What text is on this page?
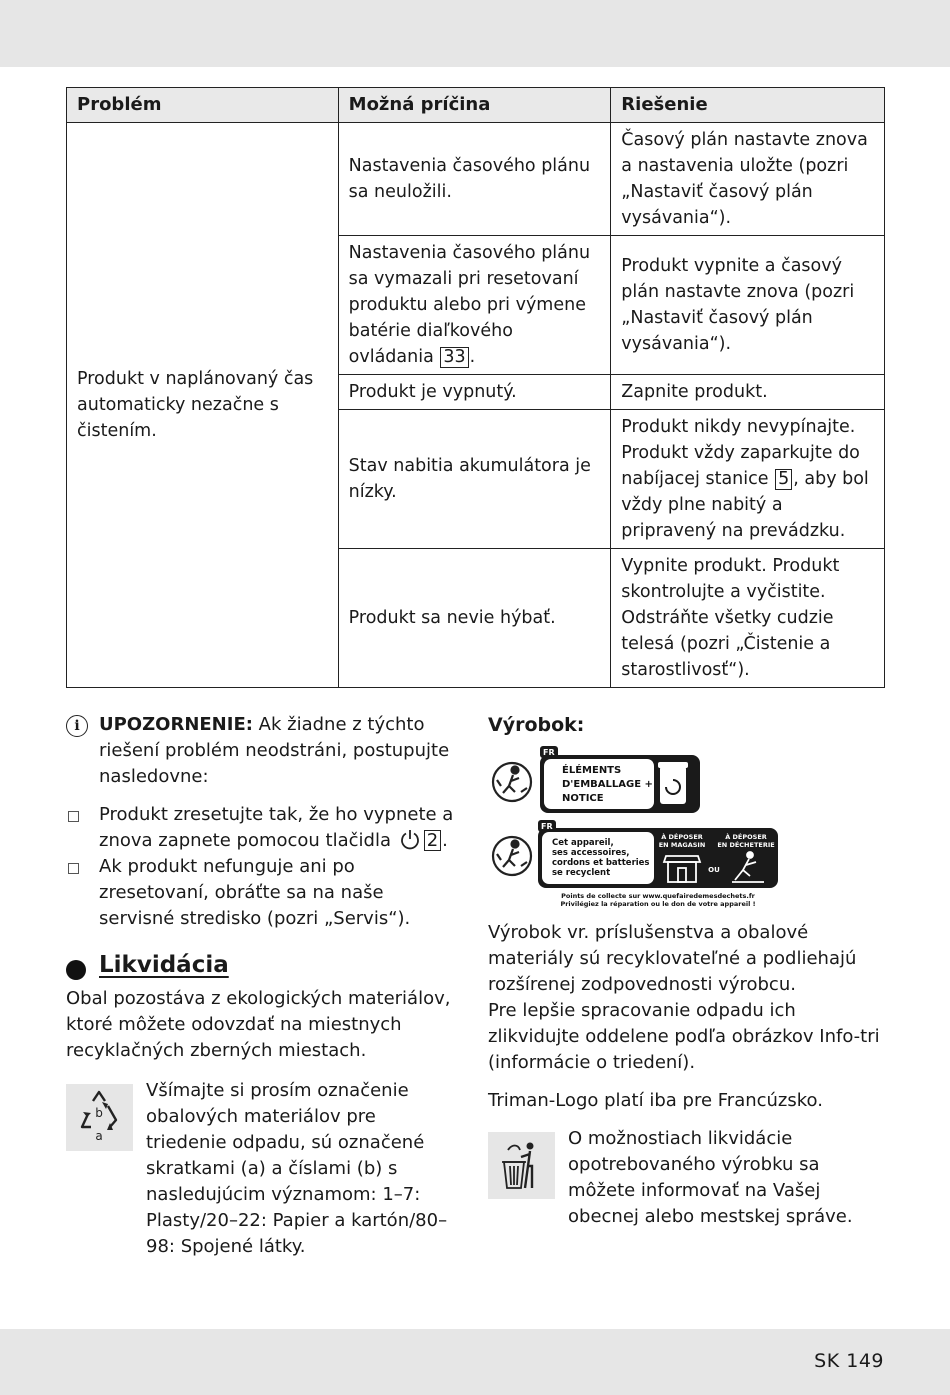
Problém	Možná príčina	Riešenie
Produkt v naplánovaný čas automaticky nezačne s čistením.	Nastavenia časového plánu sa neuložili.	Časový plán nastavte znova a nastavenia uložte (pozri „Nastaviť časový plán vysávania“).
	Nastavenia časového plánu sa vymazali pri resetovaní produktu alebo pri výmene batérie diaľkového ovládania 33 .	Produkt vypnite a časový plán nastavte znova (pozri „Nastaviť časový plán vysávania“).
	Produkt je vypnutý.	Zapnite produkt.
	Stav nabitia akumulátora je nízky.	Produkt nikdy nevypínajte. Produkt vždy zaparkujte do nabíjacej stanice 5 , aby bol vždy plne nabitý a pripravený na prevádzku.
	Produkt sa nevie hýbať.	Vypnite produkt. Produkt skontrolujte a vyčistite. Odstráňte všetky cudzie telesá (pozri „Čistenie a starostlivosť“).
i	UPOZORNENIE: Ak žiadne z týchto riešení problém neodstráni, postupujte nasledovne:

Produkt zresetujte tak, že ho vypnete a znova zapnete pomocou tlačidla 2 .

Ak produkt nefunguje ani po zresetovaní, obráťte sa na naše servisné stredisko (pozri „Servis“).

Likvidácia

Obal pozostáva z ekologických materiálov, ktoré môžete odovzdať na miestnych recyklačných zberných miestach.

b
a

Všímajte si prosím označenie obalových materiálov pre triedenie odpadu, sú označené skratkami (a) a číslami (b) s nasledujúcim významom: 1–7: Plasty/20–22: Papier a kartón/80–98: Spojené látky.

Výrobok:
FR
ÉLÉMENTS
D'EMBALLAGE +
NOTICE
FR
Cet appareil,
ses accessoires,
cordons et batteries
se recyclent
À DÉPOSER
EN MAGASIN
À DÉPOSER
EN DÉCHETERIE
OU
Points de collecte sur www.quefairedemesdechets.fr
Privilégiez la réparation ou le don de votre appareil !

Výrobok vr. príslušenstva a obalové materiály sú recyklovateľné a podliehajú rozšírenej zodpovednosti výrobcu.

Pre lepšie spracovanie odpadu ich zlikvidujte oddelene podľa obrázkov Info-tri (informácie o triedení).

Triman-Logo platí iba pre Francúzsko.

O možnostiach likvidácie opotrebovaného výrobku sa môžete informovať na Vašej obecnej alebo mestskej správe.

SK 149
